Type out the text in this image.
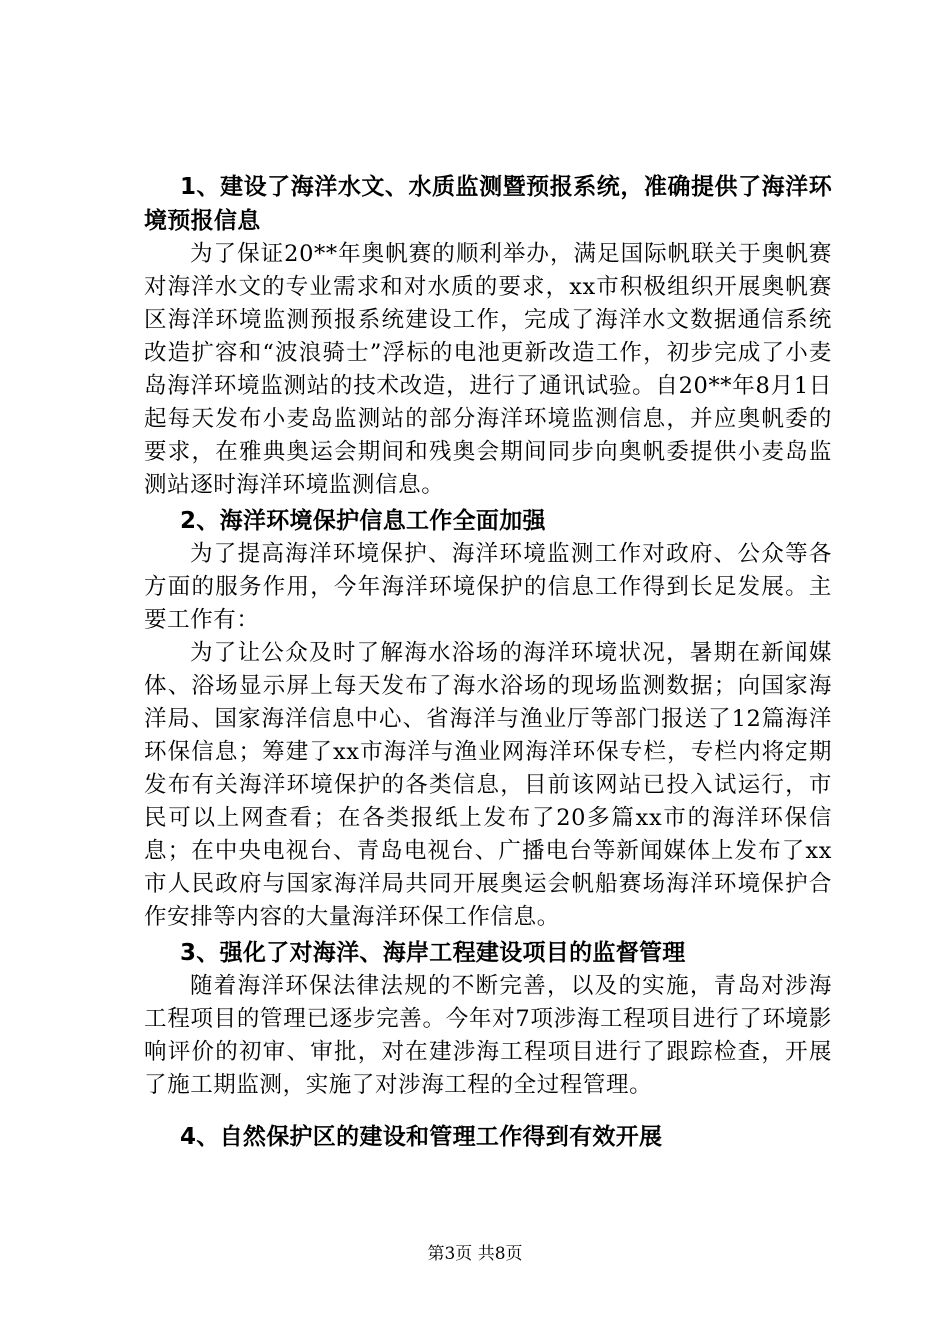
1、建设了海洋水文、水质监测暨预报系统，准确提供了海洋环境预报信息

为了保证20**年奥帆赛的顺利举办，满足国际帆联关于奥帆赛对海洋水文的专业需求和对水质的要求，xx市积极组织开展奥帆赛区海洋环境监测预报系统建设工作，完成了海洋水文数据通信系统改造扩容和“波浪骑士”浮标的电池更新改造工作，初步完成了小麦岛海洋环境监测站的技术改造，进行了通讯试验。自20**年8月1日起每天发布小麦岛监测站的部分海洋环境监测信息，并应奥帆委的要求，在雅典奥运会期间和残奥会期间同步向奥帆委提供小麦岛监测站逐时海洋环境监测信息。

2、海洋环境保护信息工作全面加强

为了提高海洋环境保护、海洋环境监测工作对政府、公众等各方面的服务作用，今年海洋环境保护的信息工作得到长足发展。主要工作有：

为了让公众及时了解海水浴场的海洋环境状况，暑期在新闻媒体、浴场显示屏上每天发布了海水浴场的现场监测数据；向国家海洋局、国家海洋信息中心、省海洋与渔业厅等部门报送了12篇海洋环保信息；筹建了xx市海洋与渔业网海洋环保专栏，专栏内将定期发布有关海洋环境保护的各类信息，目前该网站已投入试运行，市民可以上网查看；在各类报纸上发布了20多篇xx市的海洋环保信息；在中央电视台、青岛电视台、广播电台等新闻媒体上发布了xx市人民政府与国家海洋局共同开展奥运会帆船赛场海洋环境保护合作安排等内容的大量海洋环保工作信息。

3、强化了对海洋、海岸工程建设项目的监督管理

随着海洋环保法律法规的不断完善，以及的实施，青岛对涉海工程项目的管理已逐步完善。今年对7项涉海工程项目进行了环境影响评价的初审、审批，对在建涉海工程项目进行了跟踪检查，开展了施工期监测，实施了对涉海工程的全过程管理。

4、自然保护区的建设和管理工作得到有效开展
第3页 共8页
